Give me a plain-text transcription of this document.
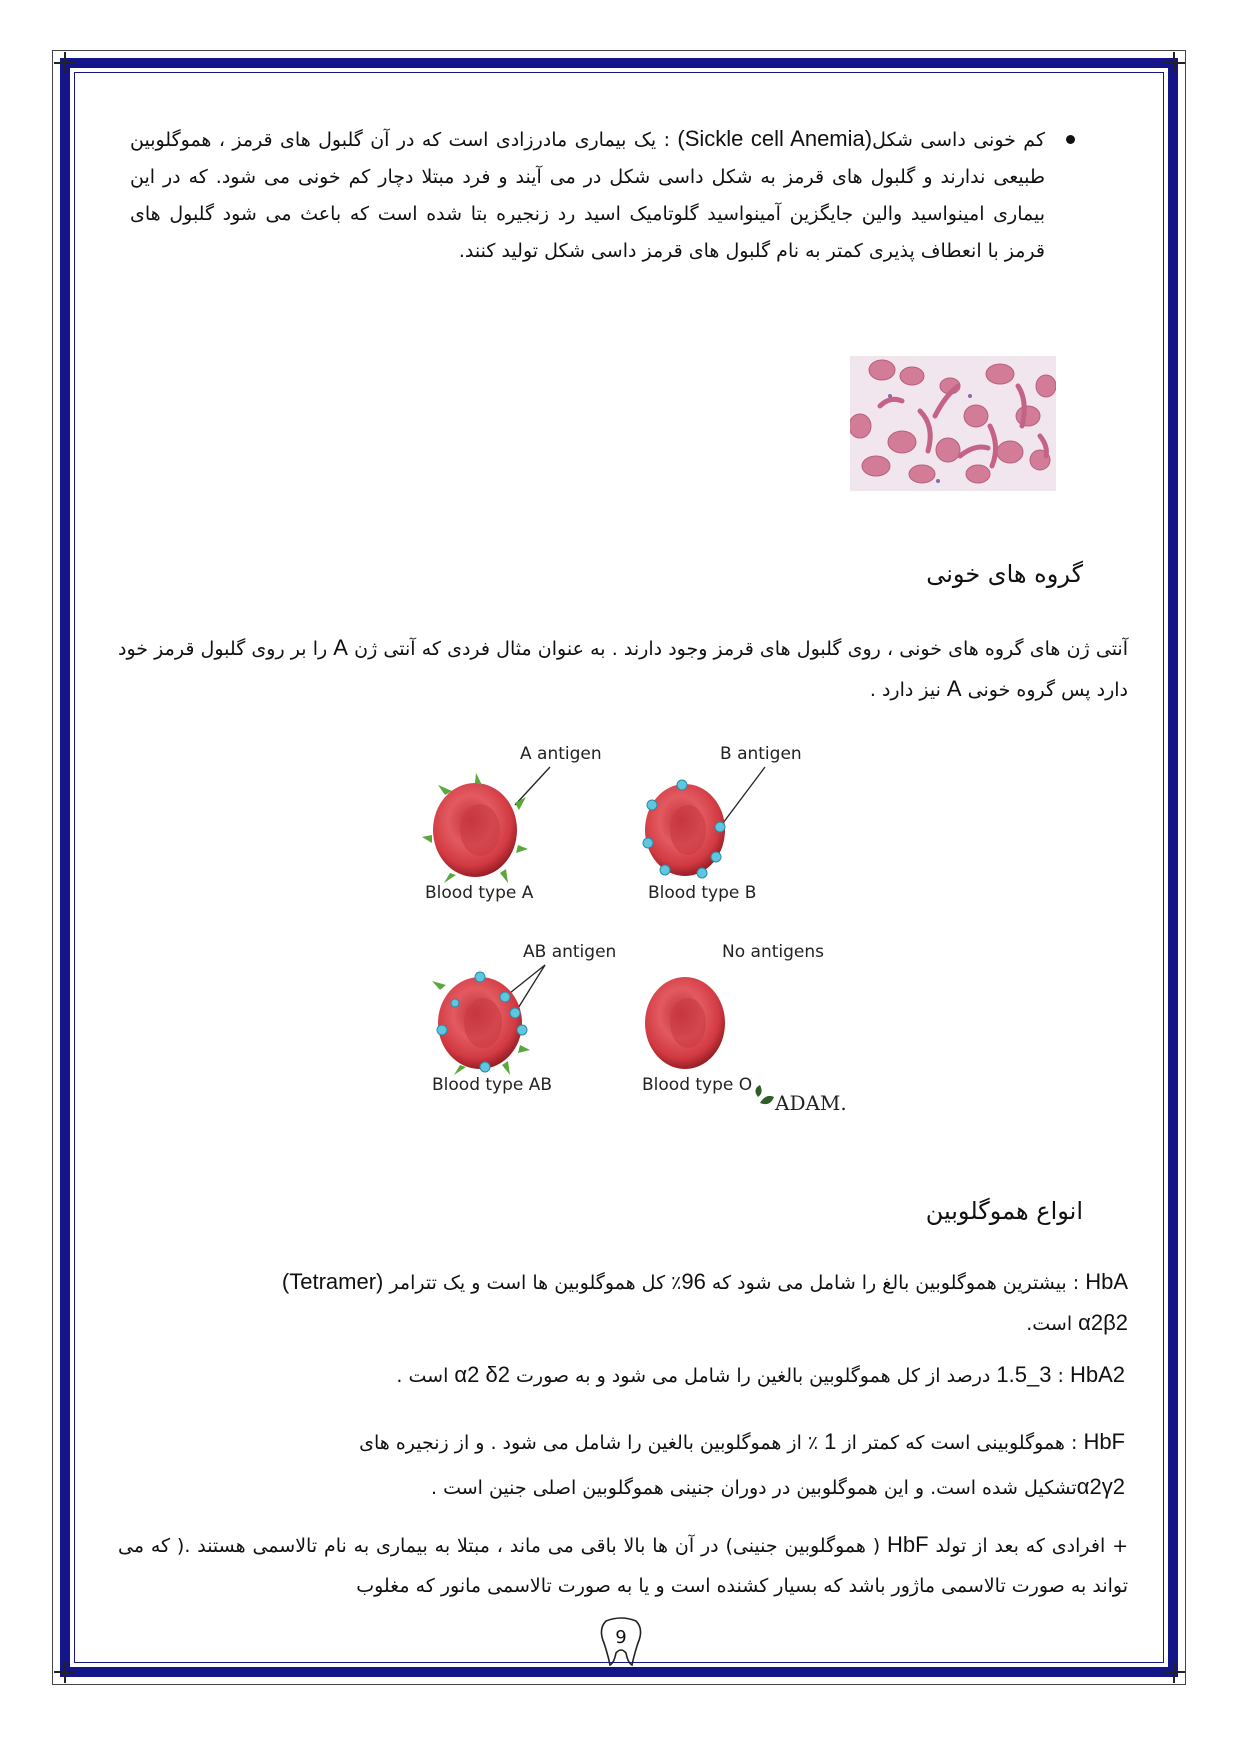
کم خونی داسی شکل(Sickle cell Anemia) : یک بیماری مادرزادی است که در آن گلبول های قرمز ، هموگلوبین طبیعی ندارند و گلبول های قرمز به شکل داسی شکل در می آیند و فرد مبتلا دچار کم خونی می شود. که در این بیماری امینواسید والین جایگزین آمینواسید گلوتامیک اسید رد زنجیره بتا شده است که باعث می شود گلبول های قرمز با انعطاف پذیری کمتر به نام گلبول های قرمز داسی شکل تولید کنند.
گروه های خونی
آنتی ژن های گروه های خونی ، روی گلبول های قرمز وجود دارند . به عنوان مثال فردی که آنتی ژن A را بر روی گلبول قرمز خود دارد پس گروه خونی A نیز دارد .
A antigen	B antigen
Blood type A	Blood type B
AB antigen	No antigens
Blood type AB	Blood type O
ADAM.
انواع هموگلوبین
HbA : بیشترین هموگلوبین بالغ را شامل می شود که 96٪ کل هموگلوبین ها است و یک تترامر (Tetramer)
α2β2 است.
HbA2 : 1.5_3 درصد از کل هموگلوبین بالغین را شامل می شود و به صورت α2 δ2 است .
HbF : هموگلوبینی است که کمتر از 1 ٪ از هموگلوبین بالغین را شامل می شود . و از زنجیره های
α2γ2تشکیل شده است. و این هموگلوبین در دوران جنینی هموگلوبین اصلی جنین است .
+ افرادی که بعد از تولد HbF ( هموگلوبین جنینی) در آن ها بالا باقی می ماند ، مبتلا به بیماری به نام تالاسمی هستند .( که می تواند به صورت تالاسمی ماژور باشد که بسیار کشنده است و یا به صورت تالاسمی مانور که مغلوب
9
